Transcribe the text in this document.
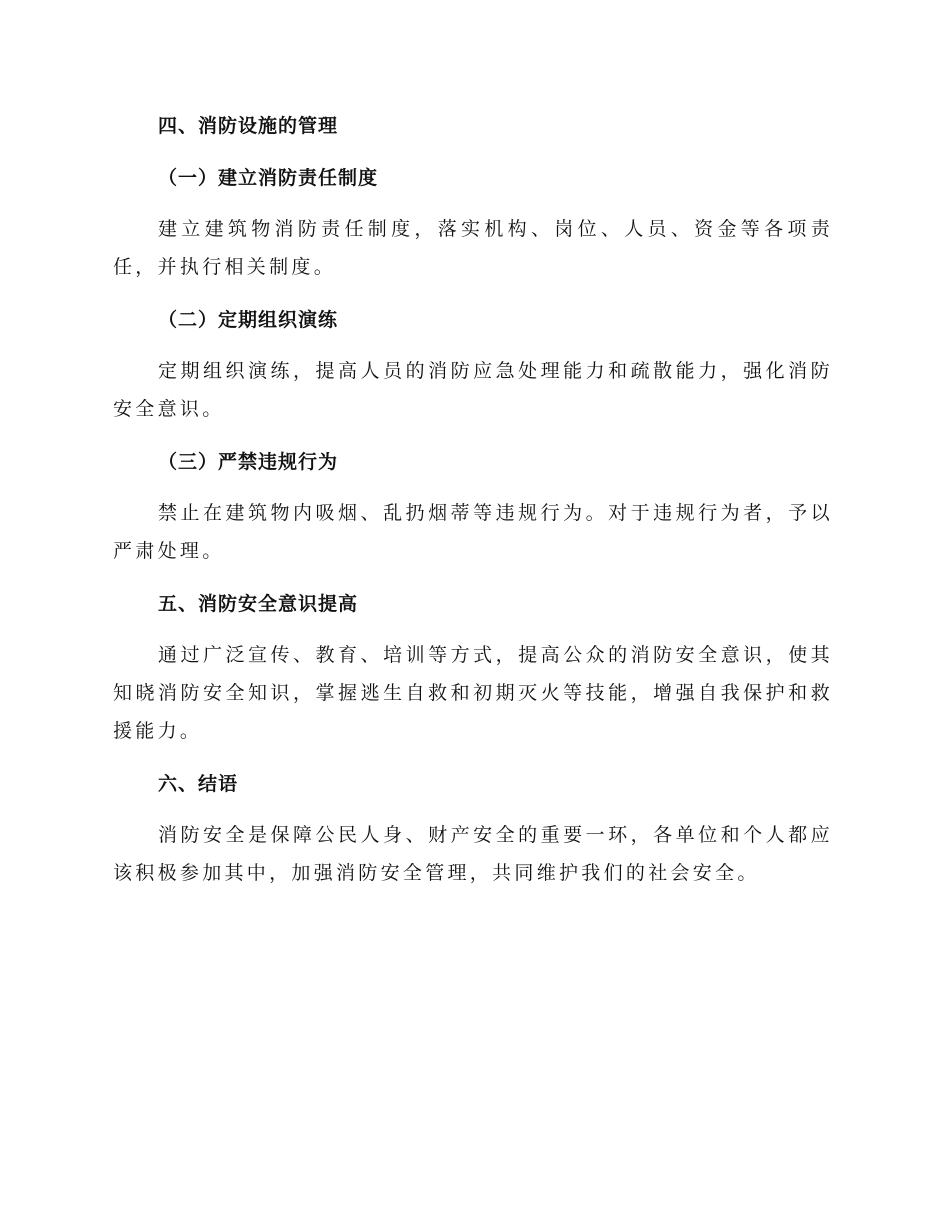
四、消防设施的管理

（一）建立消防责任制度

建立建筑物消防责任制度，落实机构、岗位、人员、资金等各项责任，并执行相关制度。

（二）定期组织演练

定期组织演练，提高人员的消防应急处理能力和疏散能力，强化消防安全意识。

（三）严禁违规行为

禁止在建筑物内吸烟、乱扔烟蒂等违规行为。对于违规行为者，予以严肃处理。

五、消防安全意识提高

通过广泛宣传、教育、培训等方式，提高公众的消防安全意识，使其知晓消防安全知识，掌握逃生自救和初期灭火等技能，增强自我保护和救援能力。

六、结语

消防安全是保障公民人身、财产安全的重要一环，各单位和个人都应该积极参加其中，加强消防安全管理，共同维护我们的社会安全。
